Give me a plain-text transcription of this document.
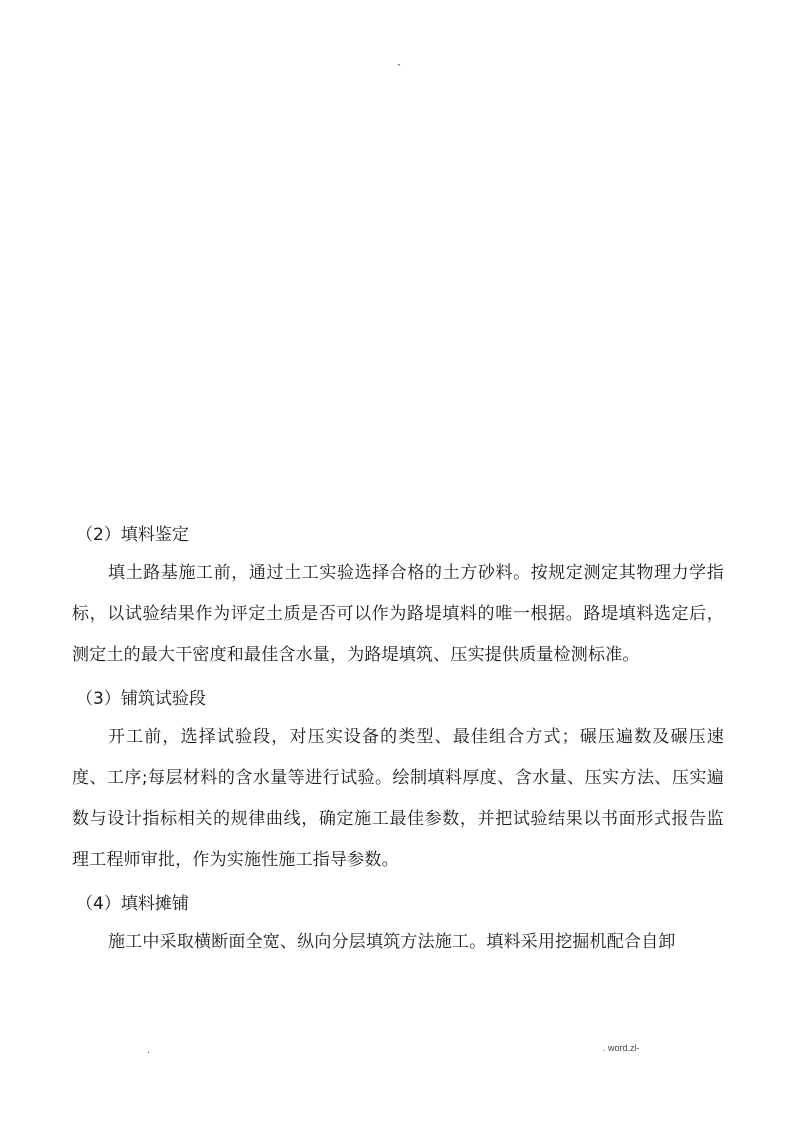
-

（2）填料鉴定

填土路基施工前，通过土工实验选择合格的土方砂料。按规定测定其物理力学指标，以试验结果作为评定土质是否可以作为路堤填料的唯一根据。路堤填料选定后，测定土的最大干密度和最佳含水量，为路堤填筑、压实提供质量检测标准。

（3）铺筑试验段

开工前，选择试验段，对压实设备的类型、最佳组合方式；碾压遍数及碾压速度、工序;每层材料的含水量等进行试验。绘制填料厚度、含水量、压实方法、压实遍数与设计指标相关的规律曲线，确定施工最佳参数，并把试验结果以书面形式报告监理工程师审批，作为实施性施工指导参数。

（4）填料摊铺

施工中采取横断面全宽、纵向分层填筑方法施工。填料采用挖掘机配合自卸

.	. word.zl-
